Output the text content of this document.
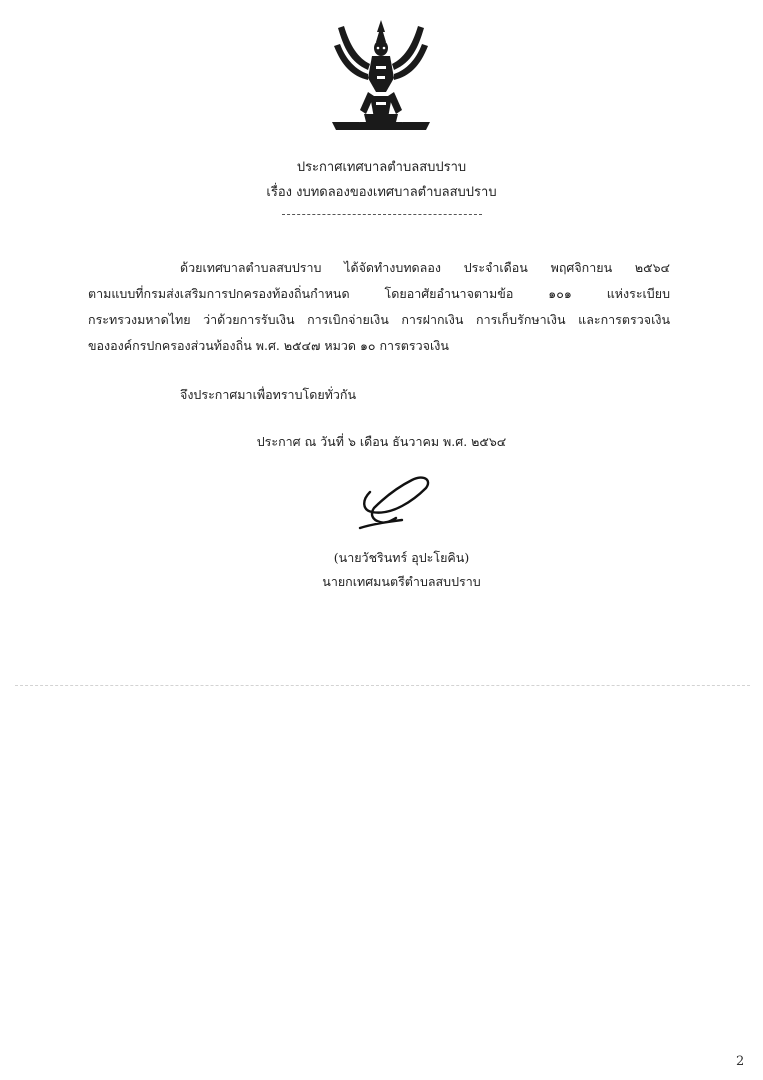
ประกาศเทศบาลตำบลสบปราบ
เรื่อง งบทดลองของเทศบาลตำบลสบปราบ
ด้วยเทศบาลตำบลสบปราบ ได้จัดทำงบทดลอง ประจำเดือน พฤศจิกายน ๒๕๖๔
ตามแบบที่กรมส่งเสริมการปกครองท้องถิ่นกำหนด โดยอาศัยอำนาจตามข้อ ๑๐๑ แห่งระเบียบ
กระทรวงมหาดไทย ว่าด้วยการรับเงิน การเบิกจ่ายเงิน การฝากเงิน การเก็บรักษาเงิน และการตรวจเงิน
ขององค์กรปกครองส่วนท้องถิ่น พ.ศ. ๒๕๔๗ หมวด ๑๐ การตรวจเงิน
จึงประกาศมาเพื่อทราบโดยทั่วกัน
ประกาศ ณ วันที่ ๖ เดือน ธันวาคม พ.ศ. ๒๕๖๔
(นายวัชรินทร์ อุปะโยคิน)
นายกเทศมนตรีตำบลสบปราบ
2
